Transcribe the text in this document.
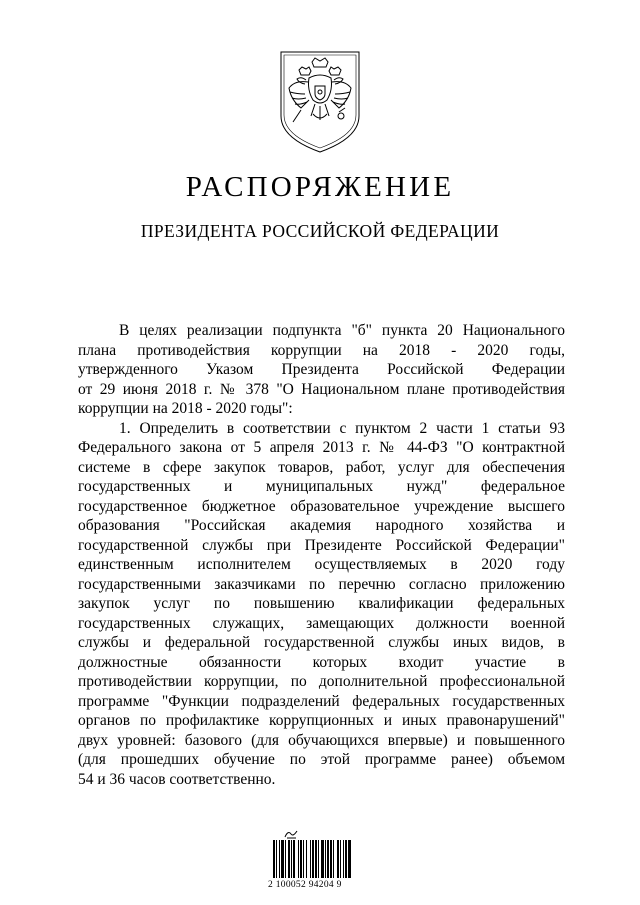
РАСПОРЯЖЕНИЕ
ПРЕЗИДЕНТА РОССИЙСКОЙ ФЕДЕРАЦИИ
В целях реализации подпункта "б" пункта 20 Национального
плана противодействия коррупции на 2018 - 2020 годы,
утвержденного Указом Президента Российской Федерации
от 29 июня 2018 г. № 378 "О Национальном плане противодействия
коррупции на 2018 - 2020 годы":
1. Определить в соответствии с пунктом 2 части 1 статьи 93
Федерального закона от 5 апреля 2013 г. № 44-ФЗ "О контрактной
системе в сфере закупок товаров, работ, услуг для обеспечения
государственных и муниципальных нужд" федеральное
государственное бюджетное образовательное учреждение высшего
образования "Российская академия народного хозяйства и
государственной службы при Президенте Российской Федерации"
единственным исполнителем осуществляемых в 2020 году
государственными заказчиками по перечню согласно приложению
закупок услуг по повышению квалификации федеральных
государственных служащих, замещающих должности военной
службы и федеральной государственной службы иных видов, в
должностные обязанности которых входит участие в
противодействии коррупции, по дополнительной профессиональной
программе "Функции подразделений федеральных государственных
органов по профилактике коррупционных и иных правонарушений"
двух уровней: базового (для обучающихся впервые) и повышенного
(для прошедших обучение по этой программе ранее) объемом
54 и 36 часов соответственно.
2 100052 94204 9
